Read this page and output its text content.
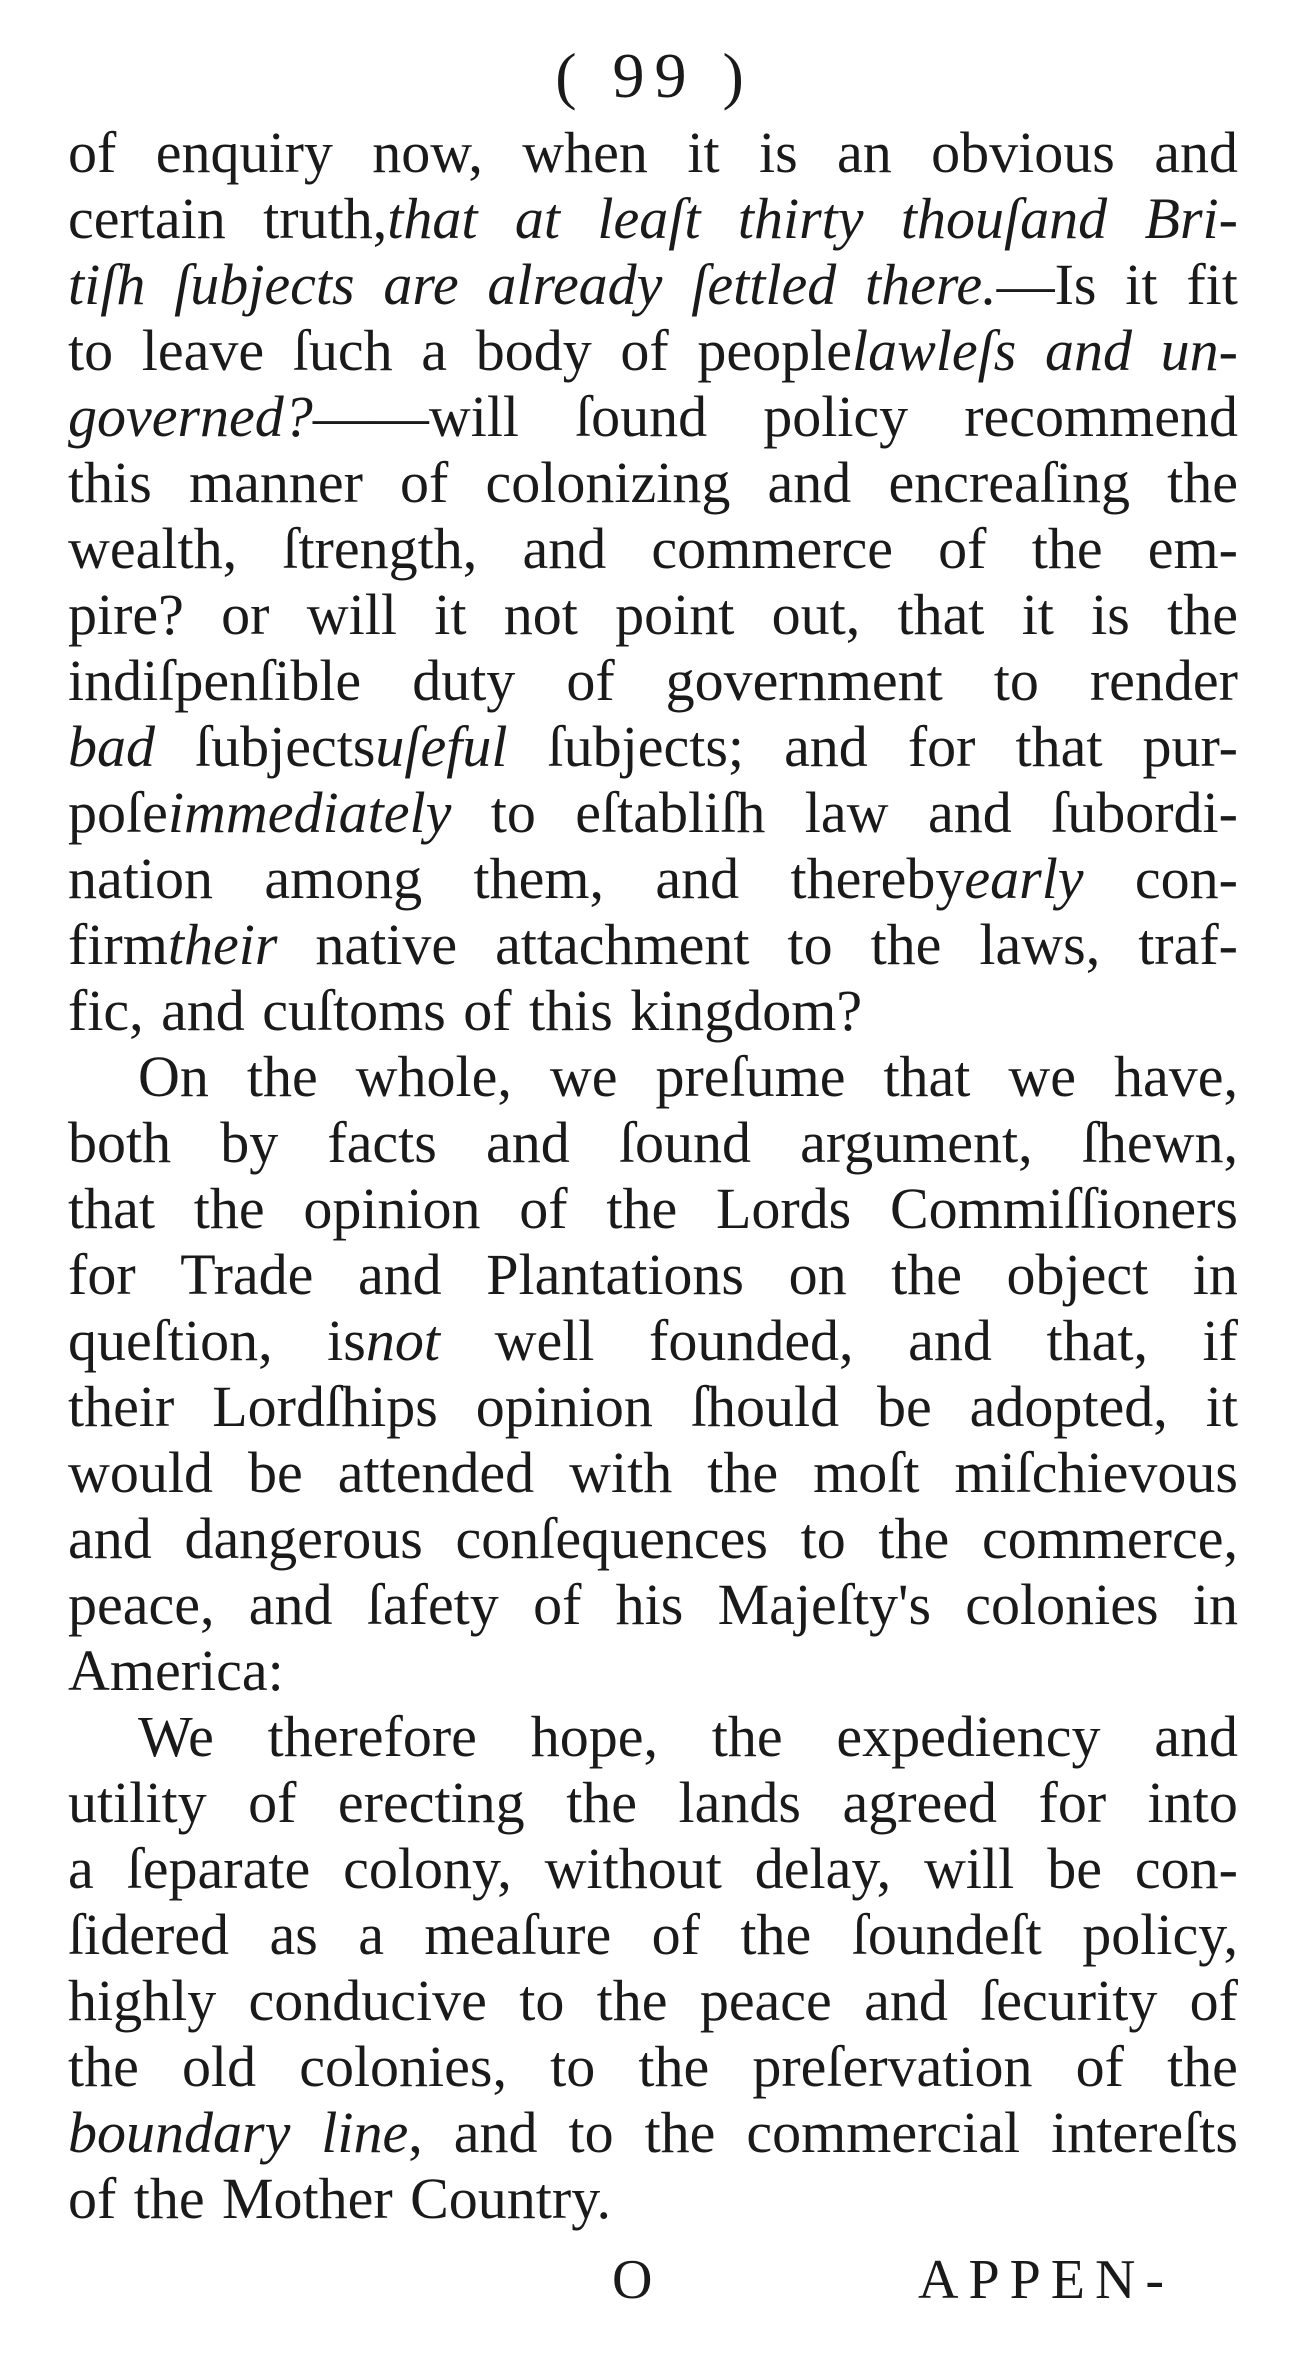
( 99 )
of enquiry now, when it is an obvious and
certain truth,that at leaſt thirty thouſand Bri-
tiſh ſubjects are already ſettled there.—Is it fit
to leave ſuch a body of peoplelawleſs and un-
governed?——will ſound policy recommend
this manner of colonizing and encreaſing the
wealth, ſtrength, and commerce of the em-
pire? or will it not point out, that it is the
indiſpenſible duty of government to render
bad ſubjectsuſeful ſubjects; and for that pur-
poſeimmediately to eſtabliſh law and ſubordi-
nation among them, and therebyearly con-
firmtheir native attachment to the laws, traf-
fic, and cuſtoms of this kingdom?
On the whole, we preſume that we have,
both by facts and ſound argument, ſhewn,
that the opinion of the Lords Commiſſioners
for Trade and Plantations on the object in
queſtion, isnot well founded, and that, if
their Lordſhips opinion ſhould be adopted, it
would be attended with the moſt miſchievous
and dangerous conſequences to the commerce,
peace, and ſafety of his Majeſty's colonies in
America:
We therefore hope, the expediency and
utility of erecting the lands agreed for into
a ſeparate colony, without delay, will be con-
ſidered as a meaſure of the ſoundeſt policy,
highly conducive to the peace and ſecurity of
the old colonies, to the preſervation of the
boundary line, and to the commercial intereſts
of the Mother Country.
O	APPEN-
